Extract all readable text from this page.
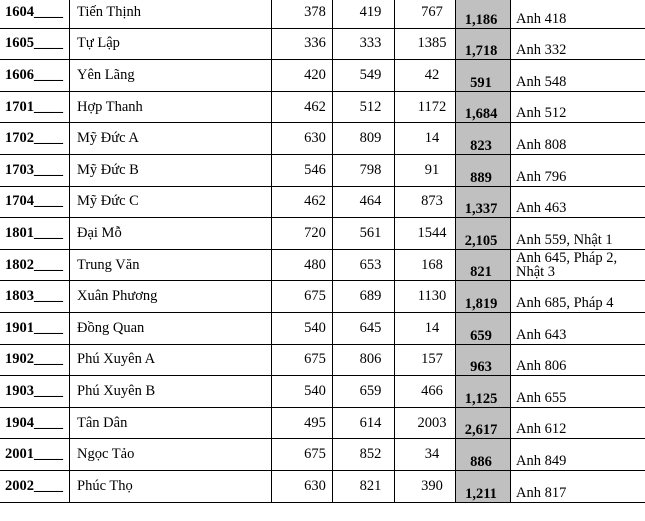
1604____	Tiến Thịnh	378	419	767	1,186	Anh 418
1605____	Tự Lập	336	333	1385	1,718	Anh 332
1606____	Yên Lãng	420	549	42	591	Anh 548
1701____	Hợp Thanh	462	512	1172	1,684	Anh 512
1702____	Mỹ Đức A	630	809	14	823	Anh 808
1703____	Mỹ Đức B	546	798	91	889	Anh 796
1704____	Mỹ Đức C	462	464	873	1,337	Anh 463
1801____	Đại Mỗ	720	561	1544	2,105	Anh 559, Nhật 1
1802____	Trung Văn	480	653	168	821	Anh 645, Pháp 2, Nhật 3
1803____	Xuân Phương	675	689	1130	1,819	Anh 685, Pháp 4
1901____	Đồng Quan	540	645	14	659	Anh 643
1902____	Phú Xuyên A	675	806	157	963	Anh 806
1903____	Phú Xuyên B	540	659	466	1,125	Anh 655
1904____	Tân Dân	495	614	2003	2,617	Anh 612
2001____	Ngọc Tảo	675	852	34	886	Anh 849
2002____	Phúc Thọ	630	821	390	1,211	Anh 817
